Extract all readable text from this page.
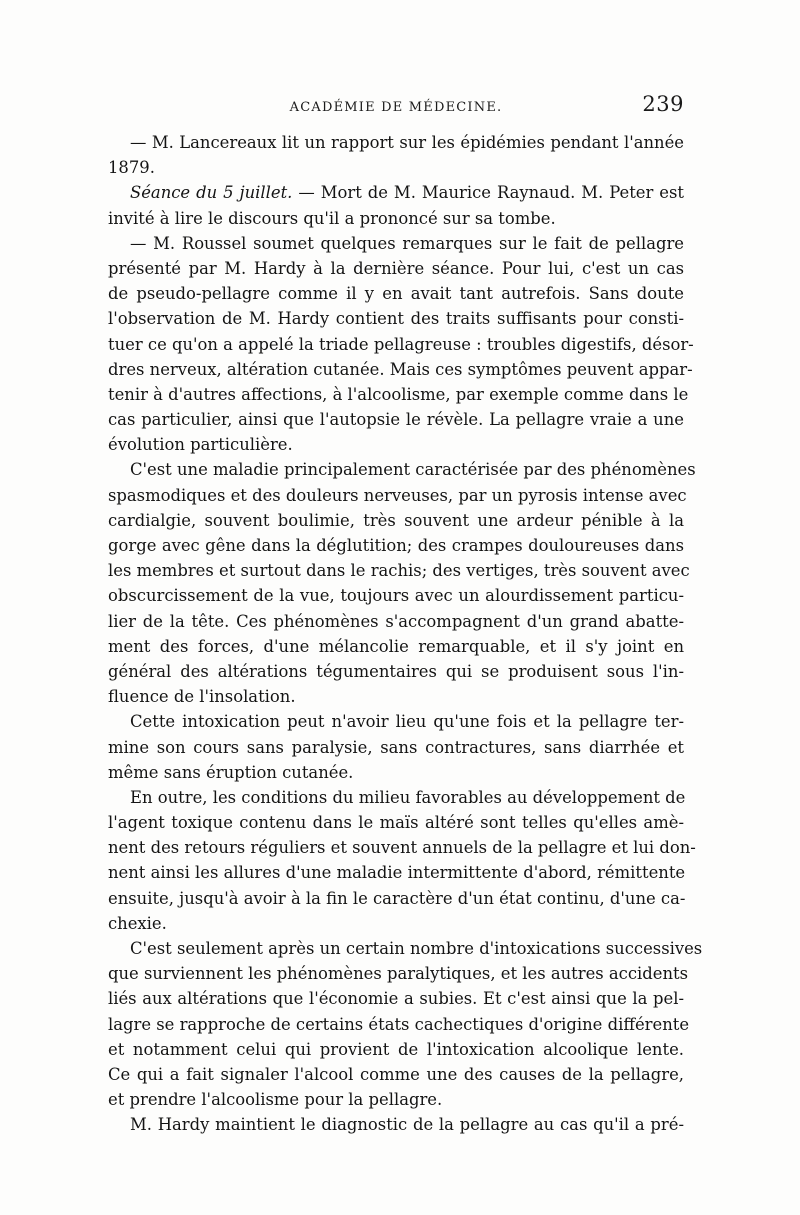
ACADÉMIE DE MÉDECINE.	239
— M. Lancereaux lit un rapport sur les épidémies pendant l'année
1879.
Séance du 5 juillet. — Mort de M. Maurice Raynaud. M. Peter est
invité à lire le discours qu'il a prononcé sur sa tombe.
— M. Roussel soumet quelques remarques sur le fait de pellagre
présenté par M. Hardy à la dernière séance. Pour lui, c'est un cas
de pseudo-pellagre comme il y en avait tant autrefois. Sans doute
l'observation de M. Hardy contient des traits suffisants pour consti-
tuer ce qu'on a appelé la triade pellagreuse : troubles digestifs, désor-
dres nerveux, altération cutanée. Mais ces symptômes peuvent appar-
tenir à d'autres affections, à l'alcoolisme, par exemple comme dans le
cas particulier, ainsi que l'autopsie le révèle. La pellagre vraie a une
évolution particulière.
C'est une maladie principalement caractérisée par des phénomènes
spasmodiques et des douleurs nerveuses, par un pyrosis intense avec
cardialgie, souvent boulimie, très souvent une ardeur pénible à la
gorge avec gêne dans la déglutition; des crampes douloureuses dans
les membres et surtout dans le rachis; des vertiges, très souvent avec
obscurcissement de la vue, toujours avec un alourdissement particu-
lier de la tête. Ces phénomènes s'accompagnent d'un grand abatte-
ment des forces, d'une mélancolie remarquable, et il s'y joint en
général des altérations tégumentaires qui se produisent sous l'in-
fluence de l'insolation.
Cette intoxication peut n'avoir lieu qu'une fois et la pellagre ter-
mine son cours sans paralysie, sans contractures, sans diarrhée et
même sans éruption cutanée.
En outre, les conditions du milieu favorables au développement de
l'agent toxique contenu dans le maïs altéré sont telles qu'elles amè-
nent des retours réguliers et souvent annuels de la pellagre et lui don-
nent ainsi les allures d'une maladie intermittente d'abord, rémittente
ensuite, jusqu'à avoir à la fin le caractère d'un état continu, d'une ca-
chexie.
C'est seulement après un certain nombre d'intoxications successives
que surviennent les phénomènes paralytiques, et les autres accidents
liés aux altérations que l'économie a subies. Et c'est ainsi que la pel-
lagre se rapproche de certains états cachectiques d'origine différente
et notamment celui qui provient de l'intoxication alcoolique lente.
Ce qui a fait signaler l'alcool comme une des causes de la pellagre,
et prendre l'alcoolisme pour la pellagre.
M. Hardy maintient le diagnostic de la pellagre au cas qu'il a pré-
